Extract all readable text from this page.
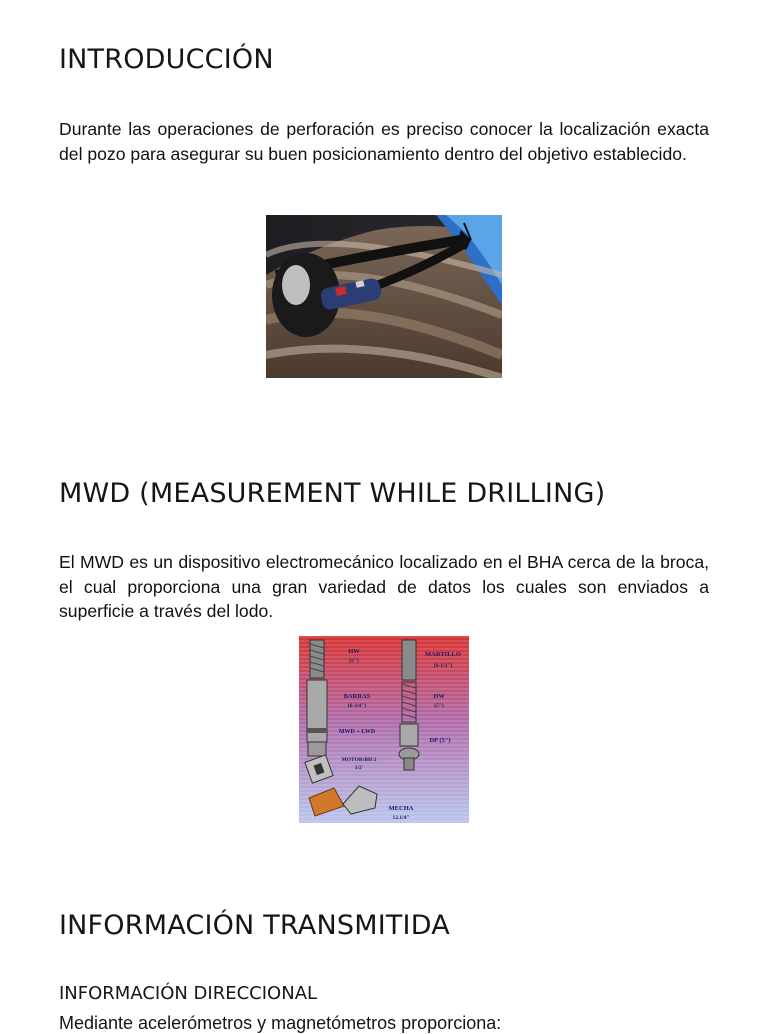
INTRODUCCIÓN

Durante las operaciones de perforación es preciso conocer la localización exacta del pozo para asegurar su buen posicionamiento dentro del objetivo establecido.

MWD (MEASUREMENT WHILE DRILLING)

El MWD es un dispositivo electromecánico localizado en el BHA cerca de la broca, el cual proporciona una gran variedad de datos los cuales son enviados a superficie a través del lodo.

HW
(5")
BARRAS
(6-3/4")
MWD + LWD
MOTOR/BH 2
3/2'
MARTILLO
(6-1/2")
HW
(5")
DP (5")
MECHA
12.1/4"
INFORMACIÓN TRANSMITIDA

INFORMACIÓN DIRECCIONAL

Mediante acelerómetros y magnetómetros proporciona:
